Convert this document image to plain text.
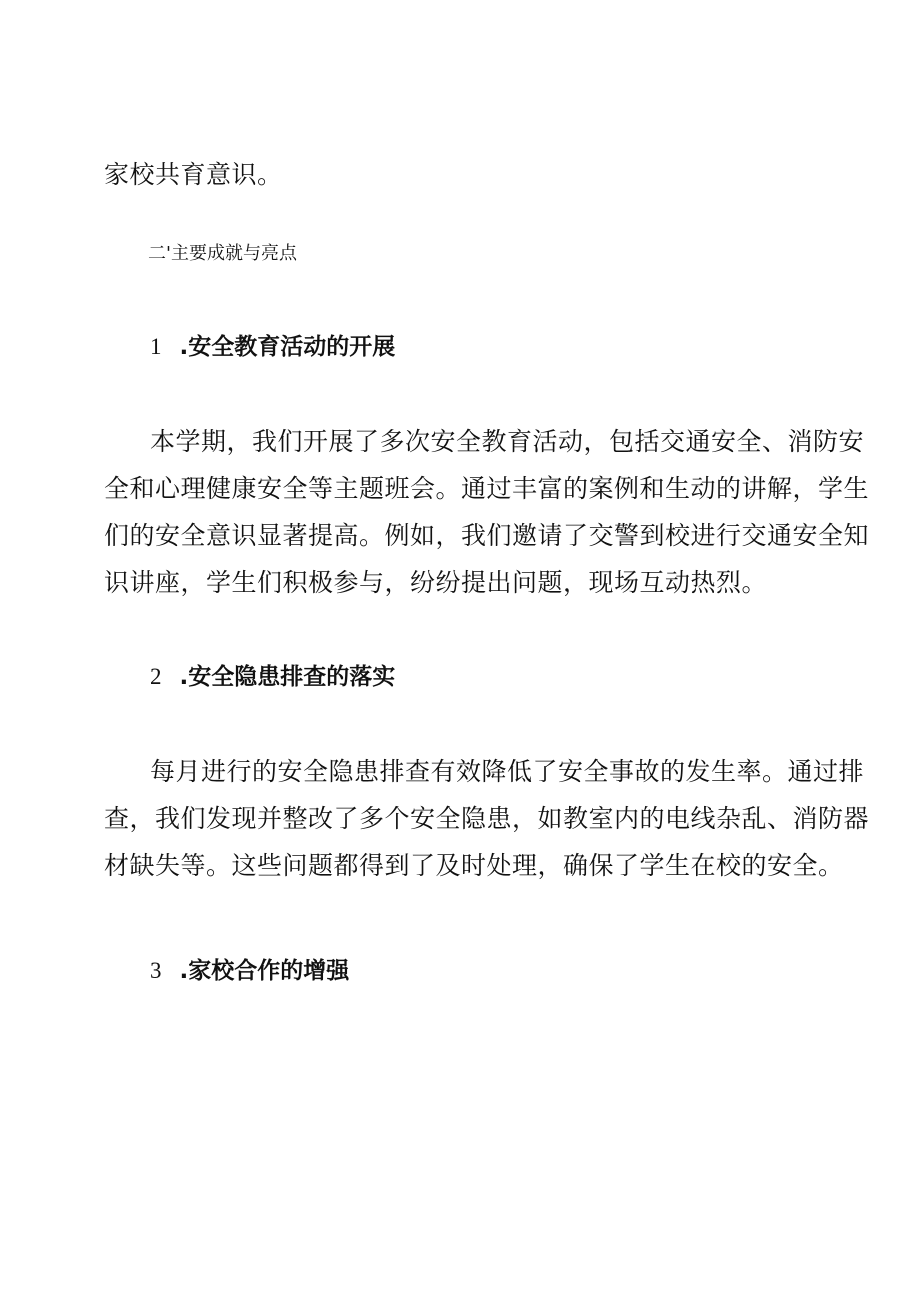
家校共育意识。
二'主要成就与亮点
1 .安全教育活动的开展
本学期，我们开展了多次安全教育活动，包括交通安全、消防安
全和心理健康安全等主题班会。通过丰富的案例和生动的讲解，学生
们的安全意识显著提高。例如，我们邀请了交警到校进行交通安全知
识讲座，学生们积极参与，纷纷提出问题，现场互动热烈。
2 .安全隐患排查的落实
每月进行的安全隐患排查有效降低了安全事故的发生率。通过排
查，我们发现并整改了多个安全隐患，如教室内的电线杂乱、消防器
材缺失等。这些问题都得到了及时处理，确保了学生在校的安全。
3 .家校合作的增强
